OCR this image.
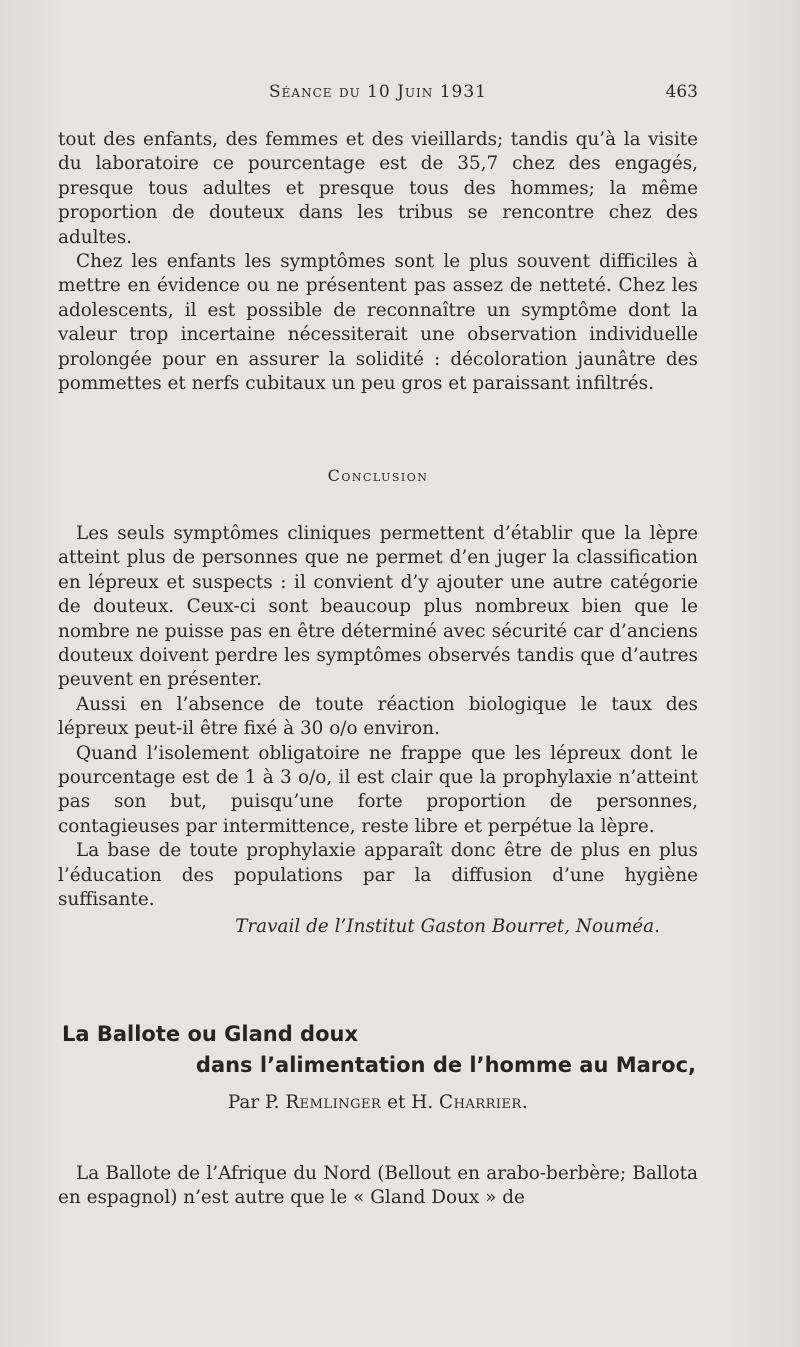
Séance du 10 Juin 1931	463

tout des enfants, des femmes et des vieillards; tandis qu’à la visite du laboratoire ce pourcentage est de 35,7 chez des engagés, presque tous adultes et presque tous des hommes; la même proportion de douteux dans les tribus se rencontre chez des adultes.

Chez les enfants les symptômes sont le plus souvent difficiles à mettre en évidence ou ne présentent pas assez de netteté. Chez les adolescents, il est possible de reconnaître un symptôme dont la valeur trop incertaine nécessiterait une observation individuelle prolongée pour en assurer la solidité : décoloration jaunâtre des pommettes et nerfs cubitaux un peu gros et paraissant infiltrés.

Conclusion

Les seuls symptômes cliniques permettent d’établir que la lèpre atteint plus de personnes que ne permet d’en juger la classification en lépreux et suspects : il convient d’y ajouter une autre catégorie de douteux. Ceux-ci sont beaucoup plus nombreux bien que le nombre ne puisse pas en être déterminé avec sécurité car d’anciens douteux doivent perdre les symptômes observés tandis que d’autres peuvent en présenter.

Aussi en l’absence de toute réaction biologique le taux des lépreux peut-il être fixé à 30 o/o environ.

Quand l’isolement obligatoire ne frappe que les lépreux dont le pourcentage est de 1 à 3 o/o, il est clair que la prophylaxie n’atteint pas son but, puisqu’une forte proportion de personnes, contagieuses par intermittence, reste libre et perpétue la lèpre.

La base de toute prophylaxie apparaît donc être de plus en plus l’éducation des populations par la diffusion d’une hygiène suffisante.

Travail de l’Institut Gaston Bourret, Nouméa.
La Ballote ou Gland doux
dans l’alimentation de l’homme au Maroc,
Par P. Remlinger et H. Charrier.

La Ballote de l’Afrique du Nord (Bellout en arabo-berbère; Ballota en espagnol) n’est autre que le « Gland Doux » de
